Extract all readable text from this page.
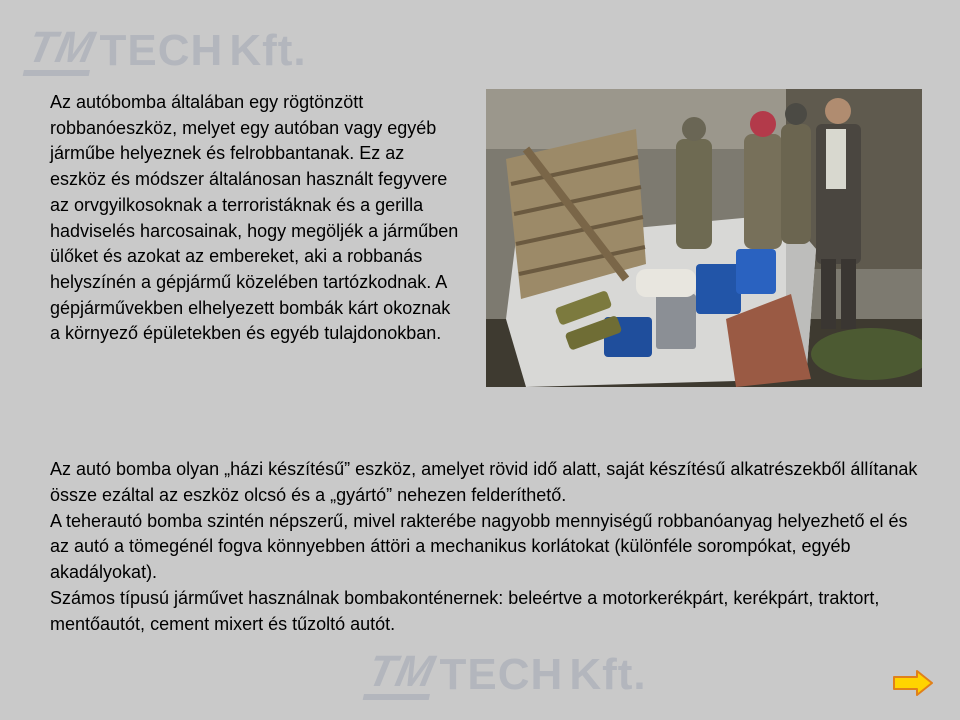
TM TECH Kft.

Az autóbomba általában egy rögtönzött robbanóeszköz, melyet egy autóban vagy egyéb járműbe helyeznek és felrobbantanak. Ez az eszköz és módszer általánosan használt fegyvere az orvgyilkosoknak a terroristáknak és a gerilla hadviselés harcosainak, hogy megöljék a járműben ülőket és azokat az embereket, aki a robbanás helyszínén a gépjármű közelében tartózkodnak. A gépjárművekben elhelyezett bombák kárt okoznak a környező épületekben és egyéb tulajdonokban.

Az autó bomba olyan „házi készítésű” eszköz, amelyet rövid idő alatt, saját készítésű alkatrészekből állítanak össze ezáltal az eszköz olcsó és a „gyártó” nehezen felderíthető.

A teherautó bomba szintén népszerű, mivel rakterébe nagyobb mennyiségű robbanóanyag helyezhető el és az autó a tömegénél fogva könnyebben áttöri a mechanikus korlátokat (különféle sorompókat, egyéb akadályokat).

Számos típusú járművet használnak bombakonténernek: beleértve a motorkerékpárt, kerékpárt, traktort, mentőautót, cement mixert és tűzoltó autót.

TM TECH Kft.
